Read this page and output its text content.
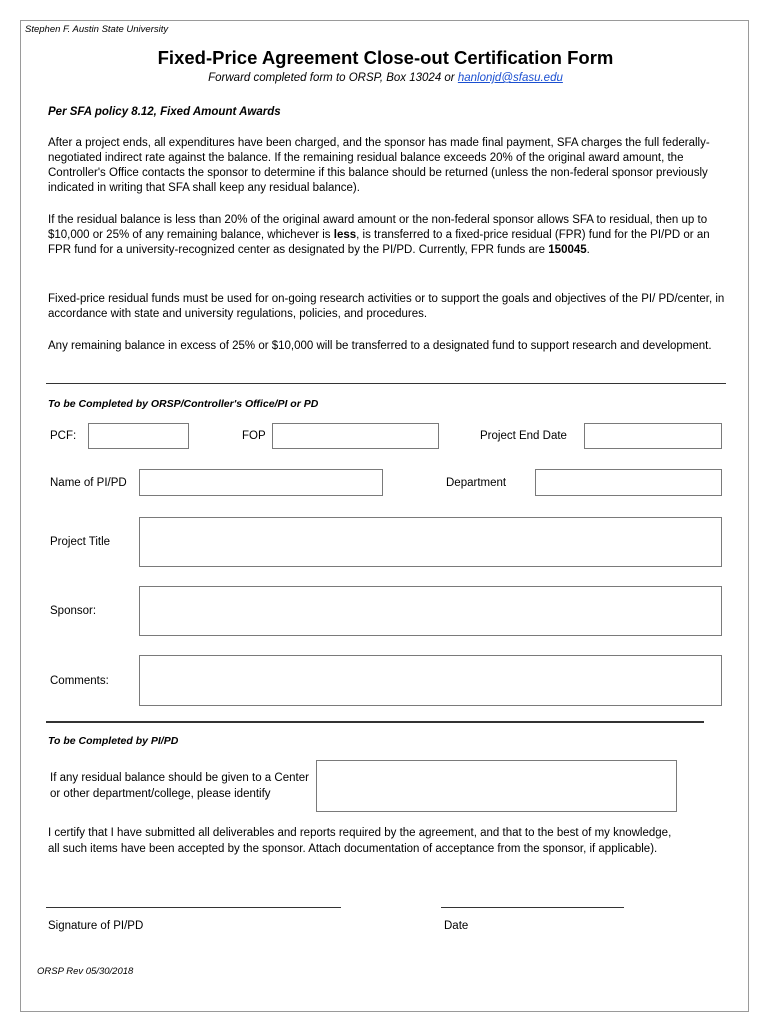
Stephen F. Austin State University
Fixed-Price Agreement Close-out Certification Form
Forward completed form to ORSP, Box 13024 or hanlonjd@sfasu.edu
Per SFA policy 8.12, Fixed Amount Awards
After a project ends, all expenditures have been charged, and the sponsor has made final payment, SFA charges the full federally-negotiated indirect rate against the balance. If the remaining residual balance exceeds 20% of the original award amount, the Controller's Office contacts the sponsor to determine if this balance should be returned (unless the non-federal sponsor previously indicated in writing that SFA shall keep any residual balance).
If the residual balance is less than 20% of the original award amount or the non-federal sponsor allows SFA to residual, then up to $10,000 or 25% of any remaining balance, whichever is less, is transferred to a fixed-price residual (FPR) fund for the PI/PD or an FPR fund for a university-recognized center as designated by the PI/PD. Currently, FPR funds are 150045.
Fixed-price residual funds must be used for on-going research activities or to support the goals and objectives of the PI/ PD/center, in accordance with state and university regulations, policies, and procedures.
Any remaining balance in excess of 25% or $10,000 will be transferred to a designated fund to support research and development.
To be Completed by ORSP/Controller's Office/PI or PD
PCF:	FOP	Project End Date
Name of PI/PD	Department
Project Title
Sponsor:
Comments:
To be Completed by PI/PD
If any residual balance should be given to a Center
or other department/college, please identify
I certify that I have submitted all deliverables and reports required by the agreement, and that to the best of my knowledge,
all such items have been accepted by the sponsor. Attach documentation of acceptance from the sponsor, if applicable).
Signature of PI/PD	Date
ORSP Rev 05/30/2018
